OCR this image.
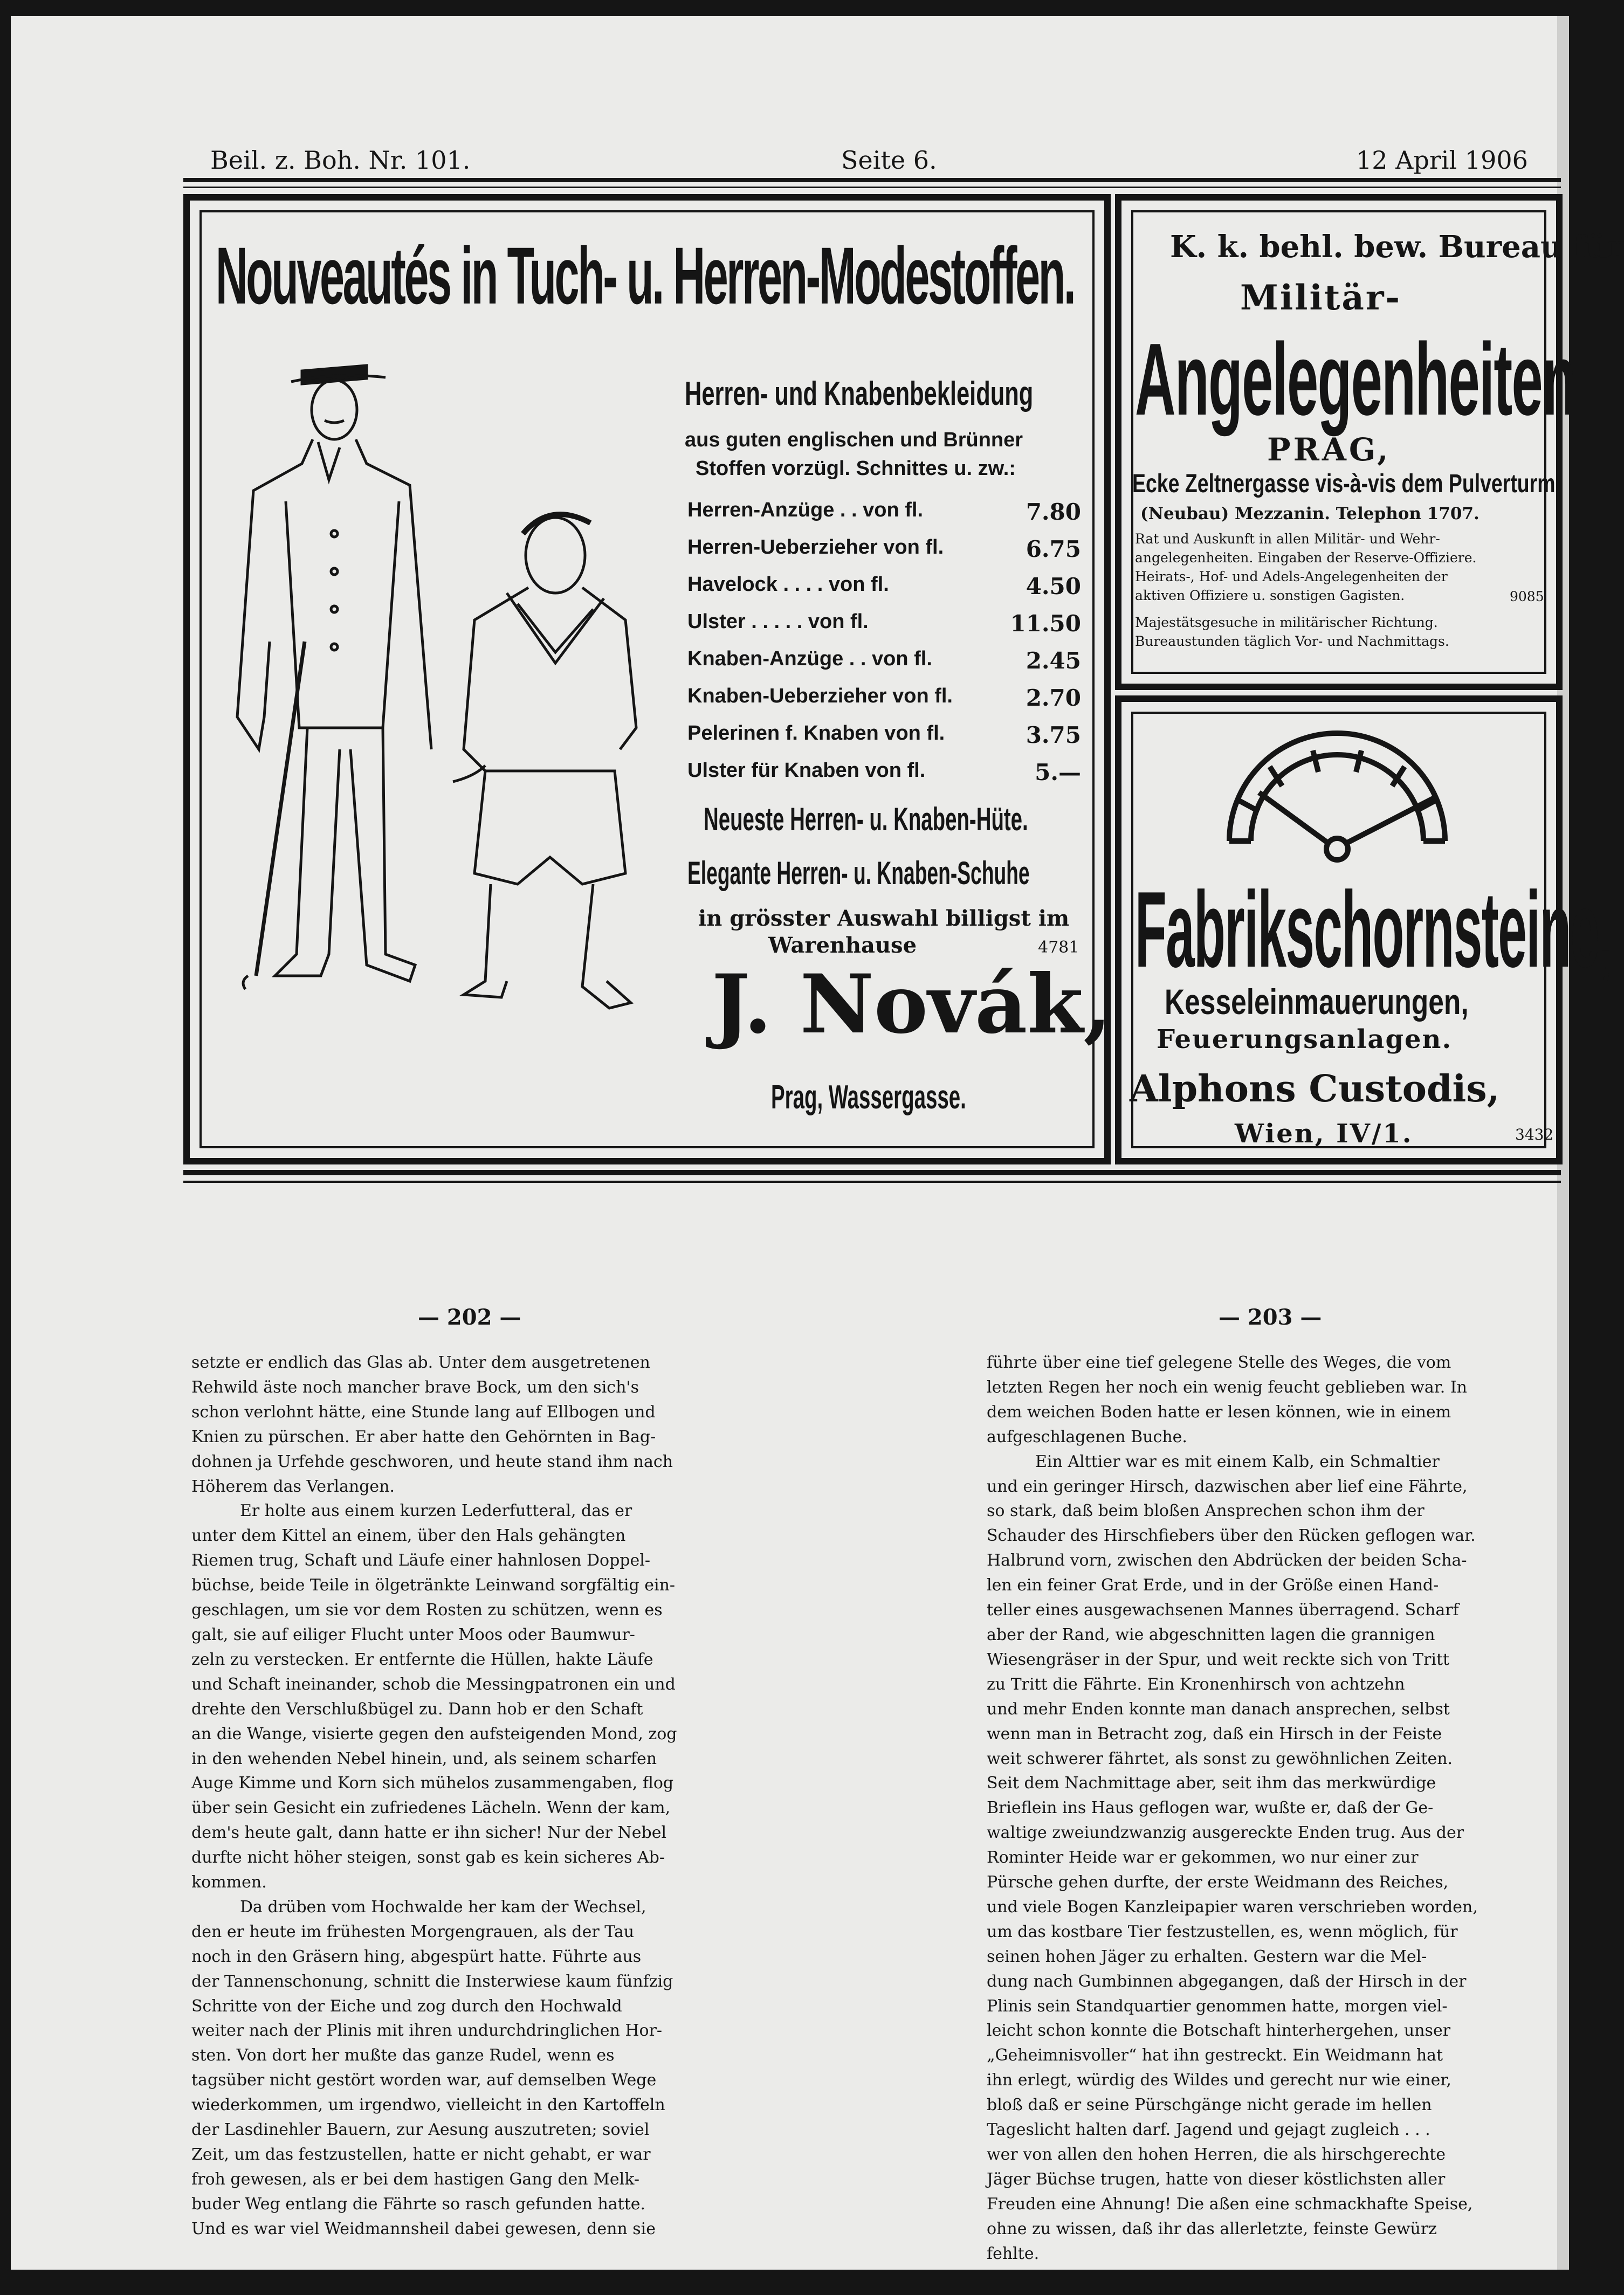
Beil. z. Boh. Nr. 101.	Seite 6.	12 April 1906
Nouveautés in Tuch- u. Herren-Modestoffen.
Herren- und Knabenbekleidung
aus guten englischen und Brünner
Stoffen vorzügl. Schnittes u. zw.:
Herren-Anzüge . . von fl.	7.80
Herren-Ueberzieher von fl.	6.75
Havelock . . . . von fl.	4.50
Ulster . . . . . von fl.	11.50
Knaben-Anzüge . . von fl.	2.45
Knaben-Ueberzieher von fl.	2.70
Pelerinen f. Knaben von fl.	3.75
Ulster für Knaben von fl.	5.—
Neueste Herren- u. Knaben-Hüte.
Elegante Herren- u. Knaben-Schuhe
in grösster Auswahl billigst im
Warenhause	4781
J. Novák,
Prag, Wassergasse.
K. k. behl. bew. Bureau für
Militär-
Angelegenheiten
PRAG,
Ecke Zeltnergasse vis-à-vis dem Pulverturm
(Neubau) Mezzanin. Telephon 1707.
Rat und Auskunft in allen Militär- und Wehr-
angelegenheiten. Eingaben der Reserve-Offiziere.
Heirats-, Hof- und Adels-Angelegenheiten der
aktiven Offiziere u. sonstigen Gagisten.	9085
Majestätsgesuche in militärischer Richtung.
Bureaustunden täglich Vor- und Nachmittags.
Fabrikschornsteine,
Kesseleinmauerungen,
Feuerungsanlagen.
Alphons Custodis,
Wien, IV/1.	3432
— 202 —	— 203 —

setzte er endlich das Glas ab. Unter dem ausgetretenen

Rehwild äste noch mancher brave Bock, um den sich's

schon verlohnt hätte, eine Stunde lang auf Ellbogen und

Knien zu pürschen. Er aber hatte den Gehörnten in Bag-

dohnen ja Urfehde geschworen, und heute stand ihm nach

Höherem das Verlangen.

Er holte aus einem kurzen Lederfutteral, das er

unter dem Kittel an einem, über den Hals gehängten

Riemen trug, Schaft und Läufe einer hahnlosen Doppel-

büchse, beide Teile in ölgetränkte Leinwand sorgfältig ein-

geschlagen, um sie vor dem Rosten zu schützen, wenn es

galt, sie auf eiliger Flucht unter Moos oder Baumwur-

zeln zu verstecken. Er entfernte die Hüllen, hakte Läufe

und Schaft ineinander, schob die Messingpatronen ein und

drehte den Verschlußbügel zu. Dann hob er den Schaft

an die Wange, visierte gegen den aufsteigenden Mond, zog

in den wehenden Nebel hinein, und, als seinem scharfen

Auge Kimme und Korn sich mühelos zusammengaben, flog

über sein Gesicht ein zufriedenes Lächeln. Wenn der kam,

dem's heute galt, dann hatte er ihn sicher! Nur der Nebel

durfte nicht höher steigen, sonst gab es kein sicheres Ab-

kommen.

Da drüben vom Hochwalde her kam der Wechsel,

den er heute im frühesten Morgengrauen, als der Tau

noch in den Gräsern hing, abgespürt hatte. Führte aus

der Tannenschonung, schnitt die Insterwiese kaum fünfzig

Schritte von der Eiche und zog durch den Hochwald

weiter nach der Plinis mit ihren undurchdringlichen Hor-

sten. Von dort her mußte das ganze Rudel, wenn es

tagsüber nicht gestört worden war, auf demselben Wege

wiederkommen, um irgendwo, vielleicht in den Kartoffeln

der Lasdinehler Bauern, zur Aesung auszutreten; soviel

Zeit, um das festzustellen, hatte er nicht gehabt, er war

froh gewesen, als er bei dem hastigen Gang den Melk-

buder Weg entlang die Fährte so rasch gefunden hatte.

Und es war viel Weidmannsheil dabei gewesen, denn sie

führte über eine tief gelegene Stelle des Weges, die vom

letzten Regen her noch ein wenig feucht geblieben war. In

dem weichen Boden hatte er lesen können, wie in einem

aufgeschlagenen Buche.

Ein Alttier war es mit einem Kalb, ein Schmaltier

und ein geringer Hirsch, dazwischen aber lief eine Fährte,

so stark, daß beim bloßen Ansprechen schon ihm der

Schauder des Hirschfiebers über den Rücken geflogen war.

Halbrund vorn, zwischen den Abdrücken der beiden Scha-

len ein feiner Grat Erde, und in der Größe einen Hand-

teller eines ausgewachsenen Mannes überragend. Scharf

aber der Rand, wie abgeschnitten lagen die grannigen

Wiesengräser in der Spur, und weit reckte sich von Tritt

zu Tritt die Fährte. Ein Kronenhirsch von achtzehn

und mehr Enden konnte man danach ansprechen, selbst

wenn man in Betracht zog, daß ein Hirsch in der Feiste

weit schwerer fährtet, als sonst zu gewöhnlichen Zeiten.

Seit dem Nachmittage aber, seit ihm das merkwürdige

Brieflein ins Haus geflogen war, wußte er, daß der Ge-

waltige zweiundzwanzig ausgereckte Enden trug. Aus der

Rominter Heide war er gekommen, wo nur einer zur

Pürsche gehen durfte, der erste Weidmann des Reiches,

und viele Bogen Kanzleipapier waren verschrieben worden,

um das kostbare Tier festzustellen, es, wenn möglich, für

seinen hohen Jäger zu erhalten. Gestern war die Mel-

dung nach Gumbinnen abgegangen, daß der Hirsch in der

Plinis sein Standquartier genommen hatte, morgen viel-

leicht schon konnte die Botschaft hinterhergehen, unser

„Geheimnisvoller“ hat ihn gestreckt. Ein Weidmann hat

ihn erlegt, würdig des Wildes und gerecht nur wie einer,

bloß daß er seine Pürschgänge nicht gerade im hellen

Tageslicht halten darf. Jagend und gejagt zugleich . . .

wer von allen den hohen Herren, die als hirschgerechte

Jäger Büchse trugen, hatte von dieser köstlichsten aller

Freuden eine Ahnung! Die aßen eine schmackhafte Speise,

ohne zu wissen, daß ihr das allerletzte, feinste Gewürz

fehlte.
